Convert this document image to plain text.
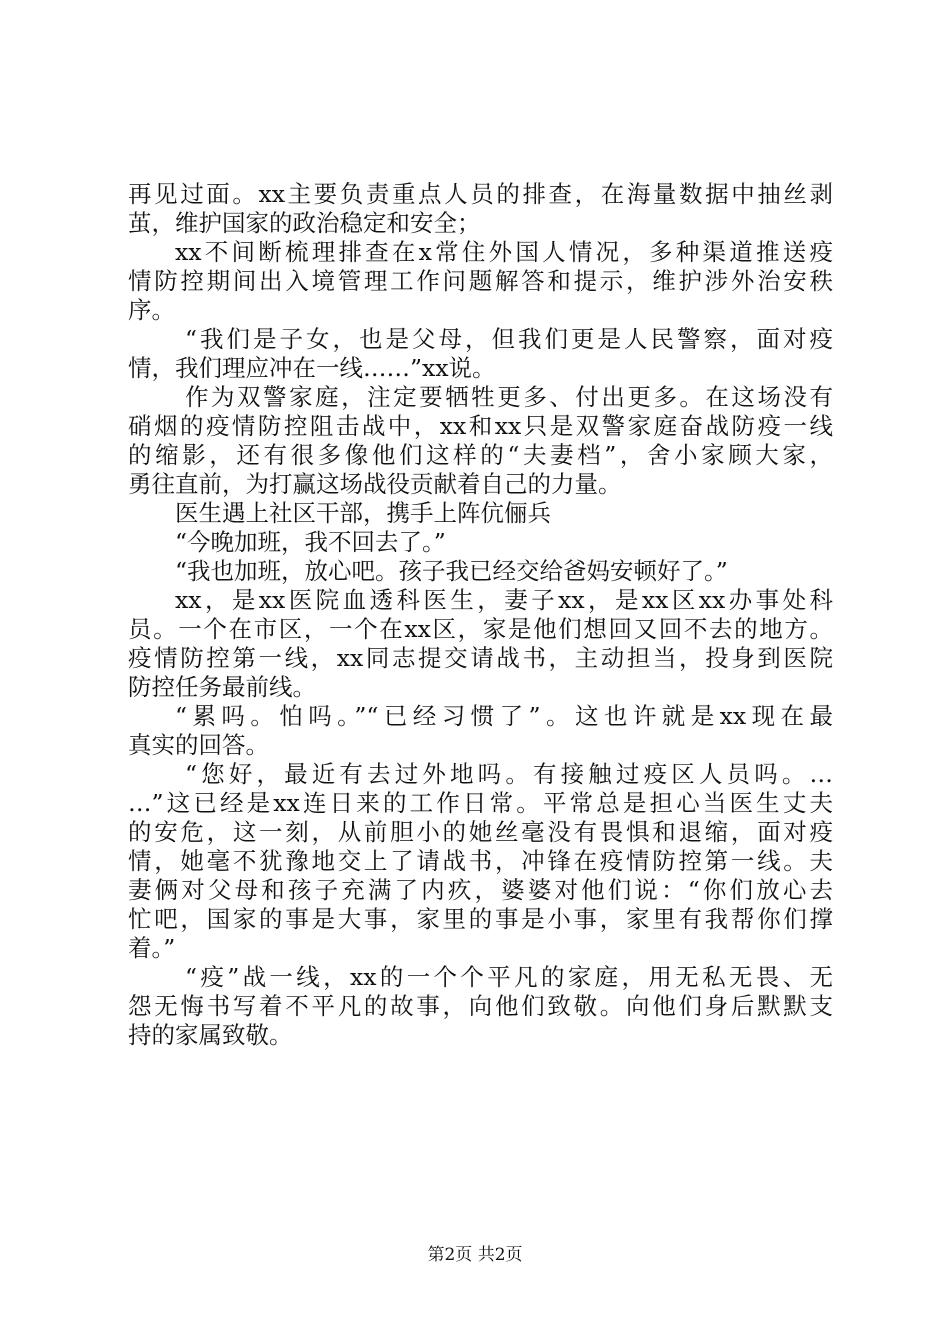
再见过面。xx主要负责重点人员的排查，在海量数据中抽丝剥
茧，维护国家的政治稳定和安全；
xx不间断梳理排查在x常住外国人情况，多种渠道推送疫
情防控期间出入境管理工作问题解答和提示，维护涉外治安秩
序。
“我们是子女，也是父母，但我们更是人民警察，面对疫
情，我们理应冲在一线……”xx说。
作为双警家庭，注定要牺牲更多、付出更多。在这场没有
硝烟的疫情防控阻击战中，xx和xx只是双警家庭奋战防疫一线
的缩影，还有很多像他们这样的“夫妻档”，舍小家顾大家，
勇往直前，为打赢这场战役贡献着自己的力量。
医生遇上社区干部，携手上阵伉俪兵
“今晚加班，我不回去了。”
“我也加班，放心吧。孩子我已经交给爸妈安顿好了。”
xx，是xx医院血透科医生，妻子xx，是xx区xx办事处科
员。一个在市区，一个在xx区，家是他们想回又回不去的地方。
疫情防控第一线，xx同志提交请战书，主动担当，投身到医院
防控任务最前线。
“累吗。怕吗。”“已经习惯了”。这也许就是xx现在最
真实的回答。
“您好，最近有去过外地吗。有接触过疫区人员吗。…
…”这已经是xx连日来的工作日常。平常总是担心当医生丈夫
的安危，这一刻，从前胆小的她丝毫没有畏惧和退缩，面对疫
情，她毫不犹豫地交上了请战书，冲锋在疫情防控第一线。夫
妻俩对父母和孩子充满了内疚，婆婆对他们说：“你们放心去
忙吧，国家的事是大事，家里的事是小事，家里有我帮你们撑
着。”
“疫”战一线，xx的一个个平凡的家庭，用无私无畏、无
怨无悔书写着不平凡的故事，向他们致敬。向他们身后默默支
持的家属致敬。
第2页 共2页
